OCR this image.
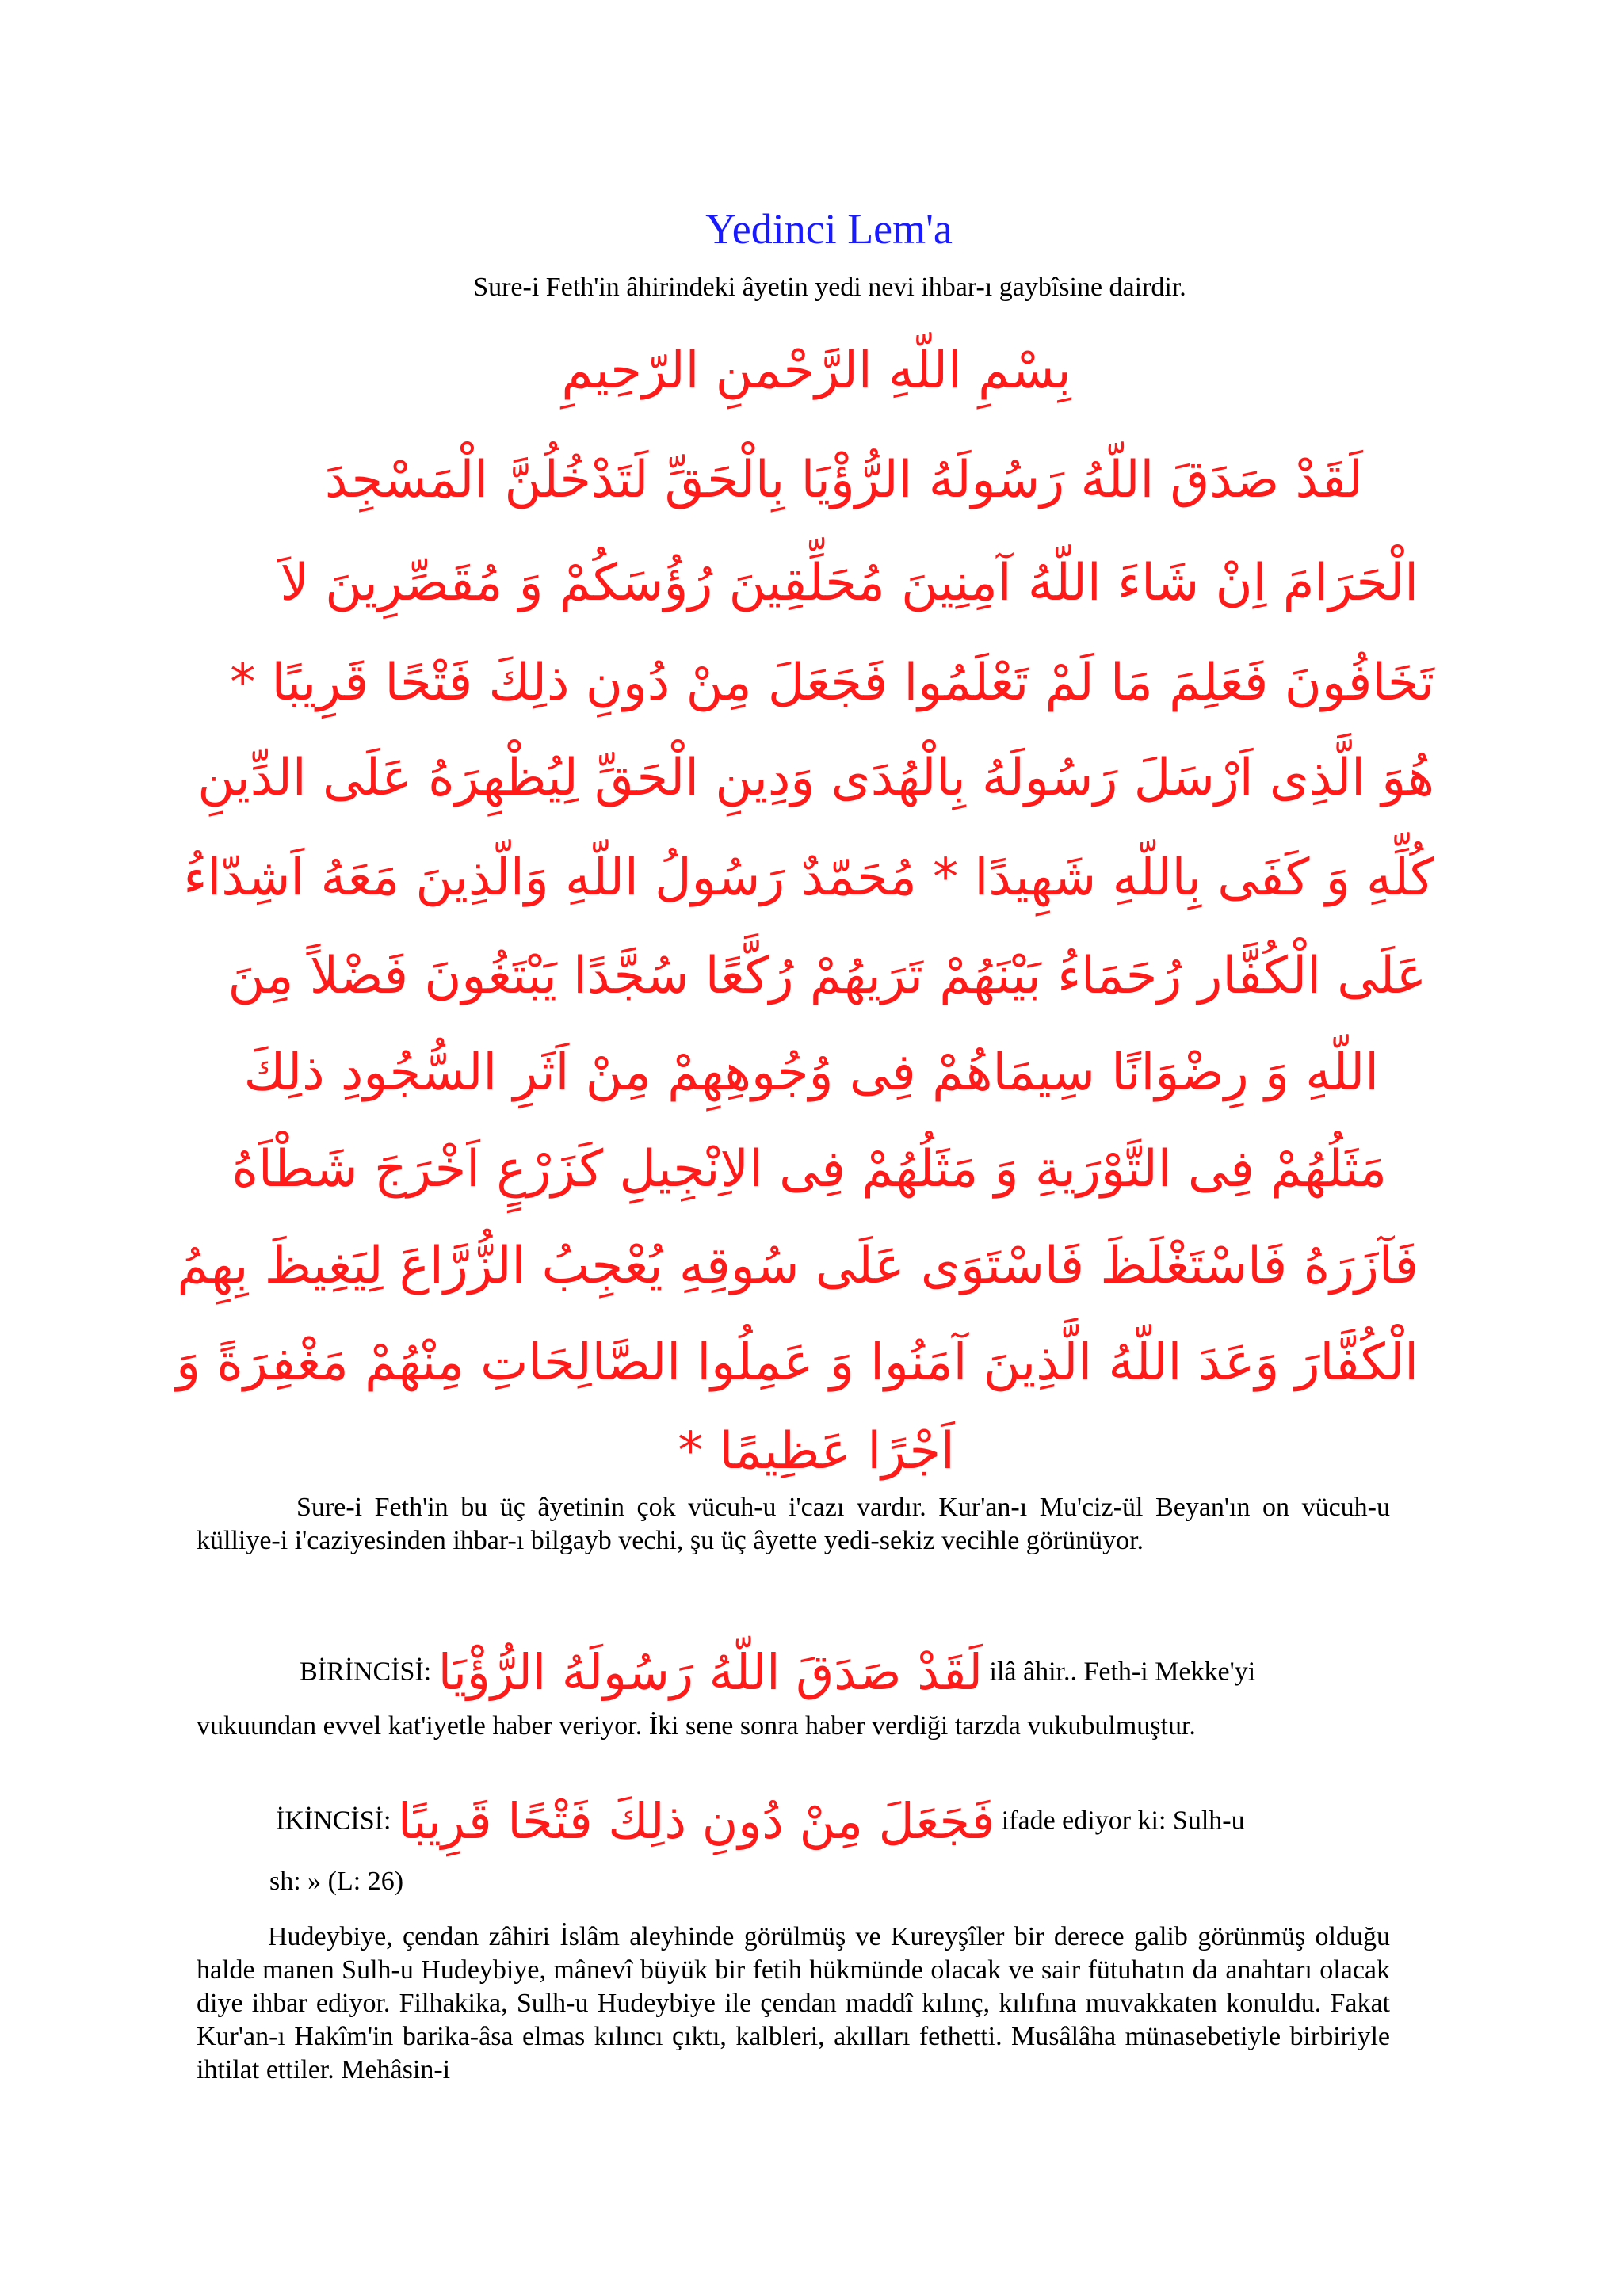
Yedinci Lem'a
Sure-i Feth'in âhirindeki âyetin yedi nevi ihbar-ı gaybîsine dairdir.
بِسْمِ اللّهِ الرَّحْمنِ الرّحِيمِ
لَقَدْ صَدَقَ اللّهُ رَسُولَهُ الرُّؤْيَا بِالْحَقِّ لَتَدْخُلُنَّ الْمَسْجِدَ
الْحَرَامَ اِنْ شَاءَ اللّهُ آمِنِينَ مُحَلِّقِينَ رُؤُسَكُمْ وَ مُقَصِّرِينَ لاَ
تَخَافُونَ فَعَلِمَ مَا لَمْ تَعْلَمُوا فَجَعَلَ مِنْ دُونِ ذلِكَ فَتْحًا قَرِيبًا *
هُوَ الَّذِى اَرْسَلَ رَسُولَهُ بِالْهُدَى وَدِينِ الْحَقِّ لِيُظْهِرَهُ عَلَى الدِّينِ
كُلِّهِ وَ كَفَى بِاللّهِ شَهِيدًا * مُحَمّدٌ رَسُولُ اللّهِ وَالّذِينَ مَعَهُ اَشِدّاءُ
عَلَى الْكُفَّار رُحَمَاءُ بَيْنَهُمْ تَرَيهُمْ رُكَّعًا سُجَّدًا يَبْتَغُونَ فَضْلاً مِنَ
اللّهِ وَ رِضْوَانًا سِيمَاهُمْ فِى وُجُوهِهِمْ مِنْ اَثَرِ السُّجُودِ ذلِكَ
مَثَلُهُمْ فِى التَّوْرَيةِ وَ مَثَلُهُمْ فِى الاِنْجِيلِ كَزَرْعٍ اَخْرَجَ شَطْاَهُ
فَآزَرَهُ فَاسْتَغْلَظَ فَاسْتَوَى عَلَى سُوقِهِ يُعْجِبُ الزُّرَّاعَ لِيَغِيظَ بِهِمُ
الْكُفَّارَ وَعَدَ اللّهُ الَّذِينَ آمَنُوا وَ عَمِلُوا الصَّالِحَاتِ مِنْهُمْ مَغْفِرَةً وَ
اَجْرًا عَظِيمًا *
Sure-i Feth'in bu üç âyetinin çok vücuh-u i'cazı vardır. Kur'an-ı Mu'ciz-ül Beyan'ın on vücuh-u külliye-i i'caziyesinden ihbar-ı bilgayb vechi, şu üç âyette yedi-sekiz vecihle görünüyor.
BİRİNCİSİ: لَقَدْ صَدَقَ اللّهُ رَسُولَهُ الرُّؤْيَا ilâ âhir.. Feth-i Mekke'yi
vukuundan evvel kat'iyetle haber veriyor. İki sene sonra haber verdiği tarzda vukubulmuştur.
İKİNCİSİ: فَجَعَلَ مِنْ دُونِ ذلِكَ فَتْحًا قَرِيبًا ifade ediyor ki: Sulh-u
sh: » (L: 26)
Hudeybiye, çendan zâhiri İslâm aleyhinde görülmüş ve Kureyşîler bir derece galib görünmüş olduğu halde manen Sulh-u Hudeybiye, mânevî büyük bir fetih hükmünde olacak ve sair fütuhatın da anahtarı olacak diye ihbar ediyor. Filhakika, Sulh-u Hudeybiye ile çendan maddî kılınç, kılıfına muvakkaten konuldu. Fakat Kur'an-ı Hakîm'in barika-âsa elmas kılıncı çıktı, kalbleri, akılları fethetti. Musâlâha münasebetiyle birbiriyle ihtilat ettiler. Mehâsin-i
